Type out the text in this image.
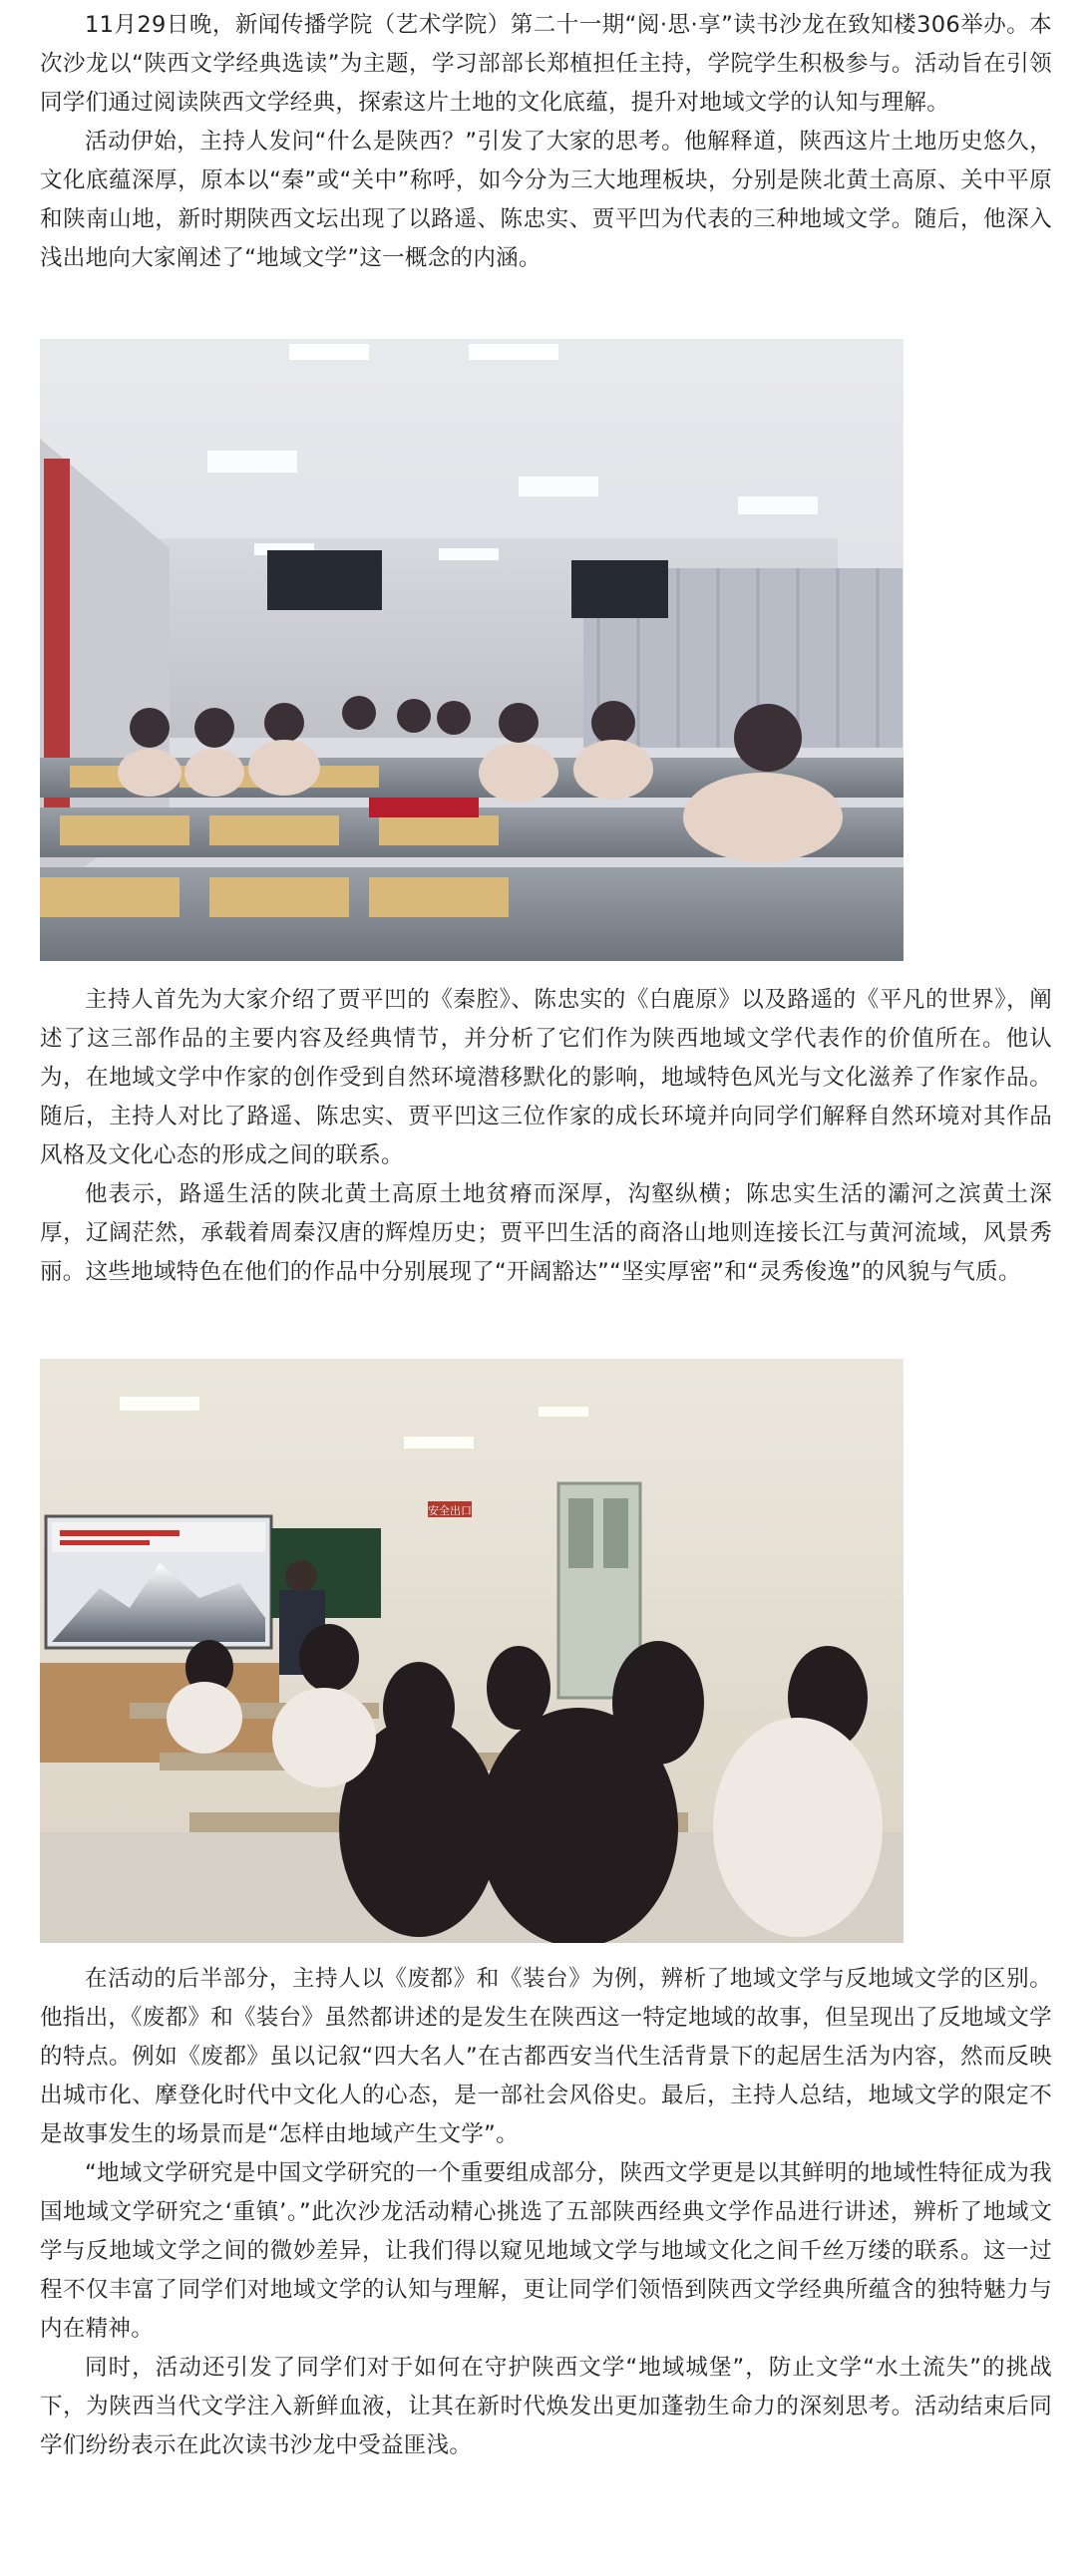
11月29日晚，新闻传播学院（艺术学院）第二十一期“阅·思·享”读书沙龙在致知楼306举办。本次沙龙以“陕西文学经典选读”为主题，学习部部长郑植担任主持，学院学生积极参与。活动旨在引领同学们通过阅读陕西文学经典，探索这片土地的文化底蕴，提升对地域文学的认知与理解。

活动伊始，主持人发问“什么是陕西？”引发了大家的思考。他解释道，陕西这片土地历史悠久，文化底蕴深厚，原本以“秦”或“关中”称呼，如今分为三大地理板块，分别是陕北黄土高原、关中平原和陕南山地，新时期陕西文坛出现了以路遥、陈忠实、贾平凹为代表的三种地域文学。随后，他深入浅出地向大家阐述了“地域文学”这一概念的内涵。

主持人首先为大家介绍了贾平凹的《秦腔》、陈忠实的《白鹿原》以及路遥的《平凡的世界》，阐述了这三部作品的主要内容及经典情节，并分析了它们作为陕西地域文学代表作的价值所在。他认为，在地域文学中作家的创作受到自然环境潜移默化的影响，地域特色风光与文化滋养了作家作品。随后，主持人对比了路遥、陈忠实、贾平凹这三位作家的成长环境并向同学们解释自然环境对其作品风格及文化心态的形成之间的联系。

他表示，路遥生活的陕北黄土高原土地贫瘠而深厚，沟壑纵横；陈忠实生活的灞河之滨黄土深厚，辽阔茫然，承载着周秦汉唐的辉煌历史；贾平凹生活的商洛山地则连接长江与黄河流域，风景秀丽。这些地域特色在他们的作品中分别展现了“开阔豁达”“坚实厚密”和“灵秀俊逸”的风貌与气质。

安全出口

在活动的后半部分，主持人以《废都》和《装台》为例，辨析了地域文学与反地域文学的区别。他指出，《废都》和《装台》虽然都讲述的是发生在陕西这一特定地域的故事，但呈现出了反地域文学的特点。例如《废都》虽以记叙“四大名人”在古都西安当代生活背景下的起居生活为内容，然而反映出城市化、摩登化时代中文化人的心态，是一部社会风俗史。最后，主持人总结，地域文学的限定不是故事发生的场景而是“怎样由地域产生文学”。

“地域文学研究是中国文学研究的一个重要组成部分，陕西文学更是以其鲜明的地域性特征成为我国地域文学研究之‘重镇’。”此次沙龙活动精心挑选了五部陕西经典文学作品进行讲述，辨析了地域文学与反地域文学之间的微妙差异，让我们得以窥见地域文学与地域文化之间千丝万缕的联系。这一过程不仅丰富了同学们对地域文学的认知与理解，更让同学们领悟到陕西文学经典所蕴含的独特魅力与内在精神。

同时，活动还引发了同学们对于如何在守护陕西文学“地域城堡”，防止文学“水土流失”的挑战下，为陕西当代文学注入新鲜血液，让其在新时代焕发出更加蓬勃生命力的深刻思考。活动结束后同学们纷纷表示在此次读书沙龙中受益匪浅。
